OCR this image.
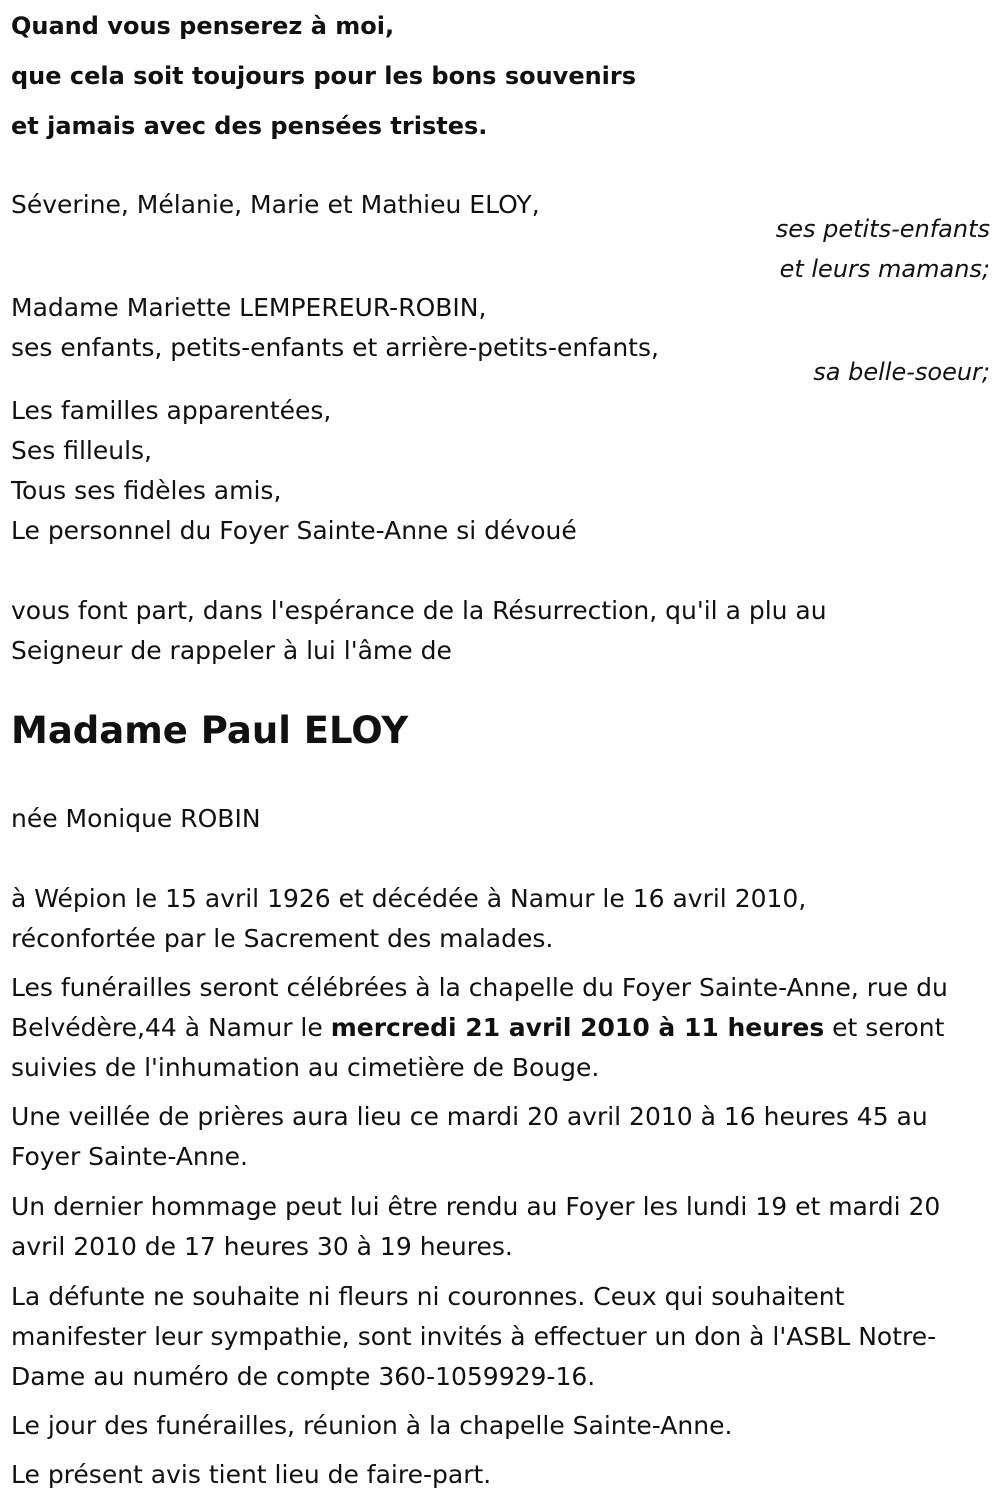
Quand vous penserez à moi,
que cela soit toujours pour les bons souvenirs
et jamais avec des pensées tristes.
Séverine, Mélanie, Marie et Mathieu ELOY,
ses petits-enfants
et leurs mamans;
Madame Mariette LEMPEREUR-ROBIN,
ses enfants, petits-enfants et arrière-petits-enfants,
sa belle-soeur;
Les familles apparentées,
Ses filleuls,
Tous ses fidèles amis,
Le personnel du Foyer Sainte-Anne si dévoué
vous font part, dans l'espérance de la Résurrection, qu'il a plu au
Seigneur de rappeler à lui l'âme de
Madame Paul ELOY
née Monique ROBIN
à Wépion le 15 avril 1926 et décédée à Namur le 16 avril 2010,
réconfortée par le Sacrement des malades.
Les funérailles seront célébrées à la chapelle du Foyer Sainte-Anne, rue du Belvédère,44 à Namur le mercredi 21 avril 2010 à 11 heures et seront suivies de l'inhumation au cimetière de Bouge.
Une veillée de prières aura lieu ce mardi 20 avril 2010 à 16 heures 45 au Foyer Sainte-Anne.
Un dernier hommage peut lui être rendu au Foyer les lundi 19 et mardi 20 avril 2010 de 17 heures 30 à 19 heures.
La défunte ne souhaite ni fleurs ni couronnes. Ceux qui souhaitent manifester leur sympathie, sont invités à effectuer un don à l'ASBL Notre-Dame au numéro de compte 360-1059929-16.
Le jour des funérailles, réunion à la chapelle Sainte-Anne.
Le présent avis tient lieu de faire-part.
